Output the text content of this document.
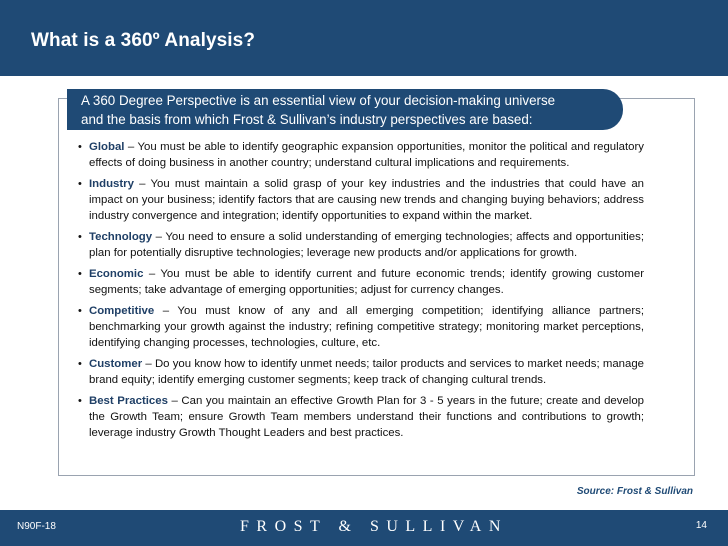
What is a 360º Analysis?
A 360 Degree Perspective is an essential view of your decision-making universe
and the basis from which Frost & Sullivan’s industry perspectives are based:
• Global – You must be able to identify geographic expansion opportunities, monitor the political and regulatory effects of doing business in another country; understand cultural implications and requirements.
• Industry – You must maintain a solid grasp of your key industries and the industries that could have an impact on your business; identify factors that are causing new trends and changing buying behaviors; address industry convergence and integration; identify opportunities to expand within the market.
• Technology – You need to ensure a solid understanding of emerging technologies; affects and opportunities; plan for potentially disruptive technologies; leverage new products and/or applications for growth.
• Economic – You must be able to identify current and future economic trends; identify growing customer segments; take advantage of emerging opportunities; adjust for currency changes.
• Competitive – You must know of any and all emerging competition; identifying alliance partners; benchmarking your growth against the industry; refining competitive strategy; monitoring market perceptions, identifying changing processes, technologies, culture, etc.
• Customer – Do you know how to identify unmet needs; tailor products and services to market needs; manage brand equity; identify emerging customer segments; keep track of changing cultural trends.
• Best Practices – Can you maintain an effective Growth Plan for 3 - 5 years in the future; create and develop the Growth Team; ensure Growth Team members understand their functions and contributions to growth; leverage industry Growth Thought Leaders and best practices.
Source: Frost & Sullivan
N90F-18	FROST & SULLIVAN	14
